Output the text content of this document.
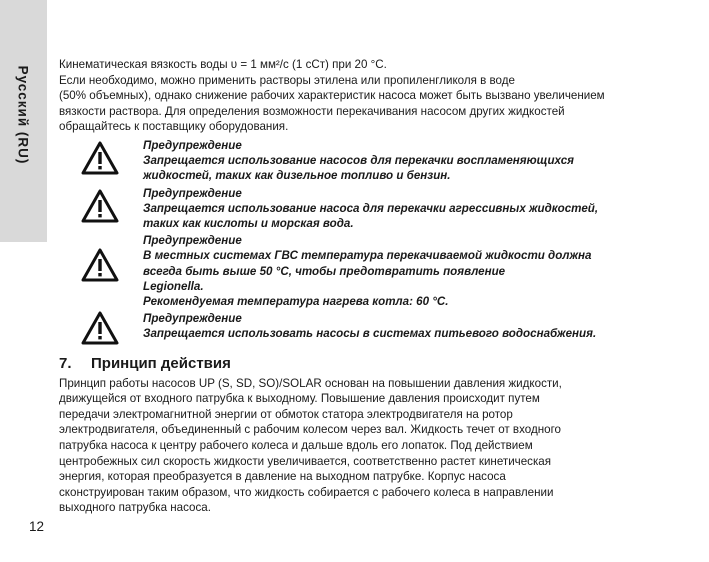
Русский (RU)

Кинематическая вязкость воды υ = 1 мм²/с (1 сСт) при 20 °C.
Если необходимо, можно применить растворы этилена или пропиленгликоля в воде
(50% объемных), однако снижение рабочих характеристик насоса может быть вызвано увеличением
вязкости раствора. Для определения возможности перекачивания насосом других жидкостей
обращайтесь к поставщику оборудования.

Предупреждение
Запрещается использование насосов для перекачки воспламеняющихся
жидкостей, таких как дизельное топливо и бензин.
Предупреждение
Запрещается использование насоса для перекачки агрессивных жидкостей,
таких как кислоты и морская вода.
Предупреждение
В местных системах ГВС температура перекачиваемой жидкости должна
всегда быть выше 50 °C, чтобы предотвратить появление
Legionella.
Рекомендуемая температура нагрева котла: 60 °C.
Предупреждение
Запрещается использовать насосы в системах питьевого водоснабжения.
7. Принцип действия
Принцип работы насосов UP (S, SD, SO)/SOLAR основан на повышении давления жидкости,
движущейся от входного патрубка к выходному. Повышение давления происходит путем
передачи электромагнитной энергии от обмоток статора электродвигателя на ротор
электродвигателя, объединенный с рабочим колесом через вал. Жидкость течет от входного
патрубка насоса к центру рабочего колеса и дальше вдоль его лопаток. Под действием
центробежных сил скорость жидкости увеличивается, соответственно растет кинетическая
энергия, которая преобразуется в давление на выходном патрубке. Корпус насоса
сконструирован таким образом, что жидкость собирается с рабочего колеса в направлении
выходного патрубка насоса.
12
